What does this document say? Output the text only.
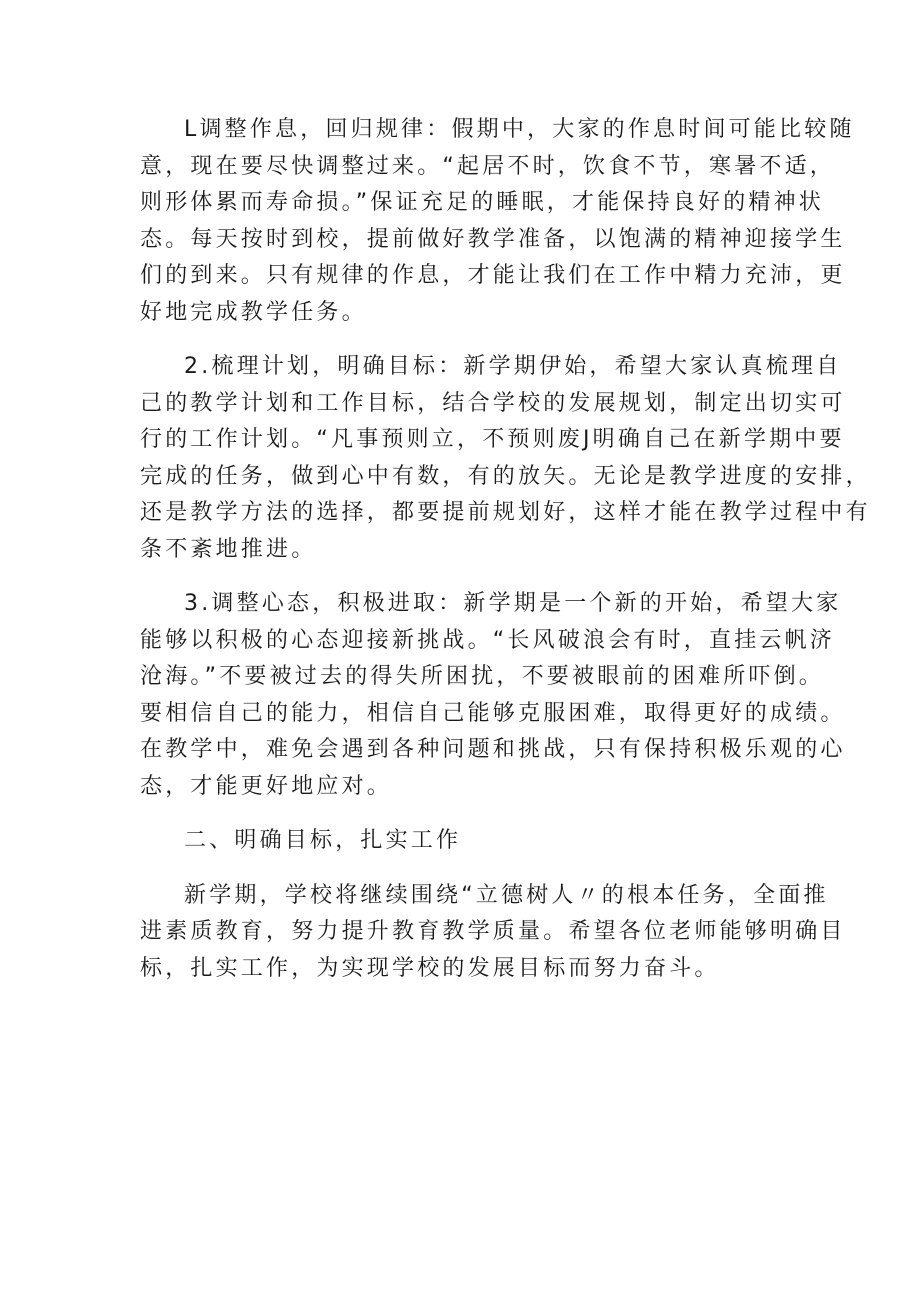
L调整作息，回归规律：假期中，大家的作息时间可能比较随
意，现在要尽快调整过来。“起居不时，饮食不节，寒暑不适，
则形体累而寿命损。”保证充足的睡眠，才能保持良好的精神状
态。每天按时到校，提前做好教学准备，以饱满的精神迎接学生
们的到来。只有规律的作息，才能让我们在工作中精力充沛，更
好地完成教学任务。

2.梳理计划，明确目标：新学期伊始，希望大家认真梳理自
己的教学计划和工作目标，结合学校的发展规划，制定出切实可
行的工作计划。“凡事预则立，不预则废J明确自己在新学期中要
完成的任务，做到心中有数，有的放矢。无论是教学进度的安排，
还是教学方法的选择，都要提前规划好，这样才能在教学过程中有
条不紊地推进。

3.调整心态，积极进取：新学期是一个新的开始，希望大家
能够以积极的心态迎接新挑战。“长风破浪会有时，直挂云帆济
沧海。”不要被过去的得失所困扰，不要被眼前的困难所吓倒。
要相信自己的能力，相信自己能够克服困难，取得更好的成绩。
在教学中，难免会遇到各种问题和挑战，只有保持积极乐观的心
态，才能更好地应对。

二、明确目标，扎实工作

新学期，学校将继续围绕“立德树人〃的根本任务，全面推
进素质教育，努力提升教育教学质量。希望各位老师能够明确目
标，扎实工作，为实现学校的发展目标而努力奋斗。
